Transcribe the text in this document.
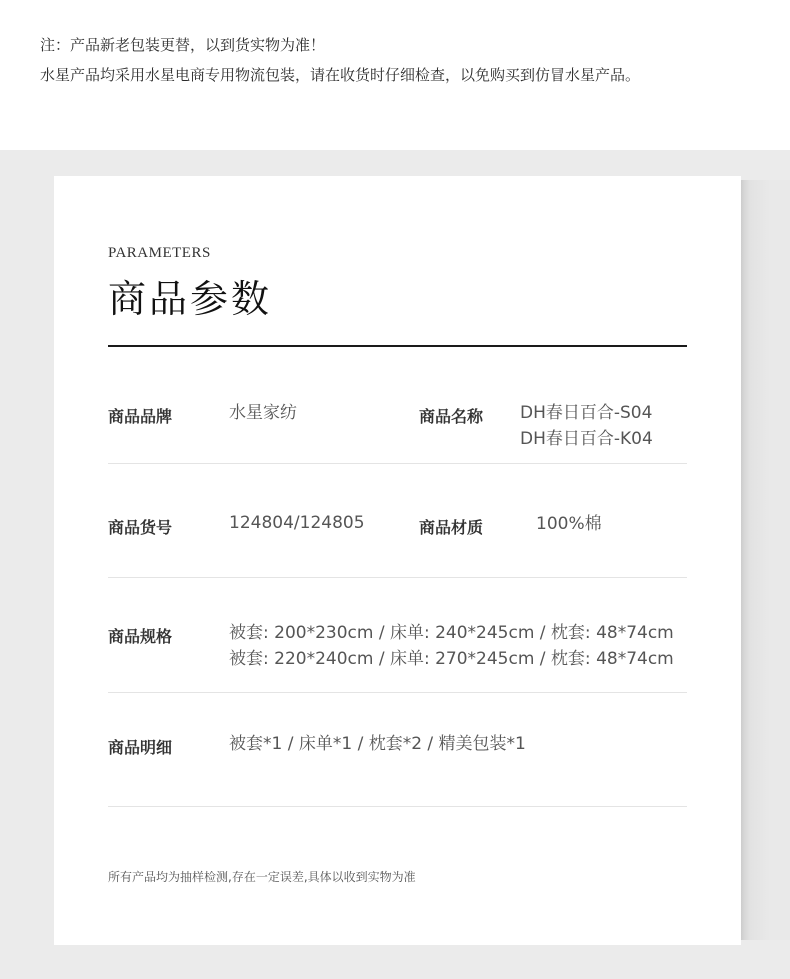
注：产品新老包装更替，以到货实物为准！
水星产品均采用水星电商专用物流包装，请在收货时仔细检查，以免购买到仿冒水星产品。
PARAMETERS
商品参数
商品品牌	水星家纺	商品名称 DH春日百合-S04
DH春日百合-K04
商品货号	124804/124805	商品材质	100%棉
商品规格	被套: 200*230cm / 床单: 240*245cm / 枕套: 48*74cm
被套: 220*240cm / 床单: 270*245cm / 枕套: 48*74cm
商品明细	被套*1 / 床单*1 / 枕套*2 / 精美包装*1
所有产品均为抽样检测,存在一定误差,具体以收到实物为准
